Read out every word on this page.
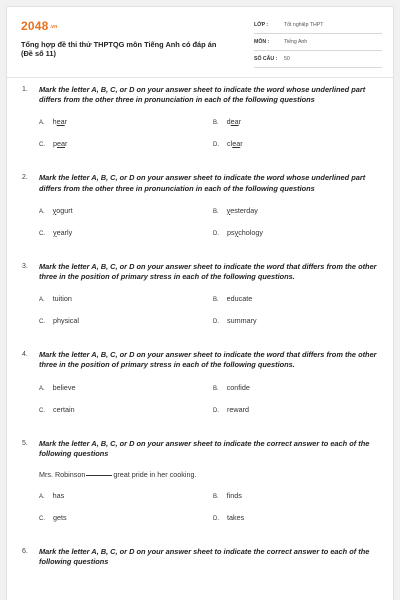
2048.vn
Tổng hợp đề thi thử THPTQG môn Tiếng Anh có đáp án
(Đề số 11)
LỚP :	Tốt nghiệp THPT
MÔN :	Tiếng Anh
SỐ CÂU : 50
1. Mark the letter A, B, C, or D on your answer sheet to indicate the word whose underlined part differs from the other three in pronunciation in each of the following questions
A. hear	B. dear
C. pear	D. clear
2. Mark the letter A, B, C, or D on your answer sheet to indicate the word whose underlined part differs from the other three in pronunciation in each of the following questions
A. yogurt	B. yesterday
C. yearly	D. psychology
3. Mark the letter A, B, C, or D on your answer sheet to indicate the word that differs from the other three in the position of primary stress in each of the following questions.
A. tuition	B. educate
C. physical	D. summary
4. Mark the letter A, B, C, or D on your answer sheet to indicate the word that differs from the other three in the position of primary stress in each of the following questions.
A. believe	B. confide
C. certain	D. reward
5. Mark the letter A, B, C, or D on your answer sheet to indicate the correct answer to each of the following questions
Mrs. Robinson	great pride in her cooking.
A. has	B. finds
C. gets	D. takes
6. Mark the letter A, B, C, or D on your answer sheet to indicate the correct answer to each of the following questions
